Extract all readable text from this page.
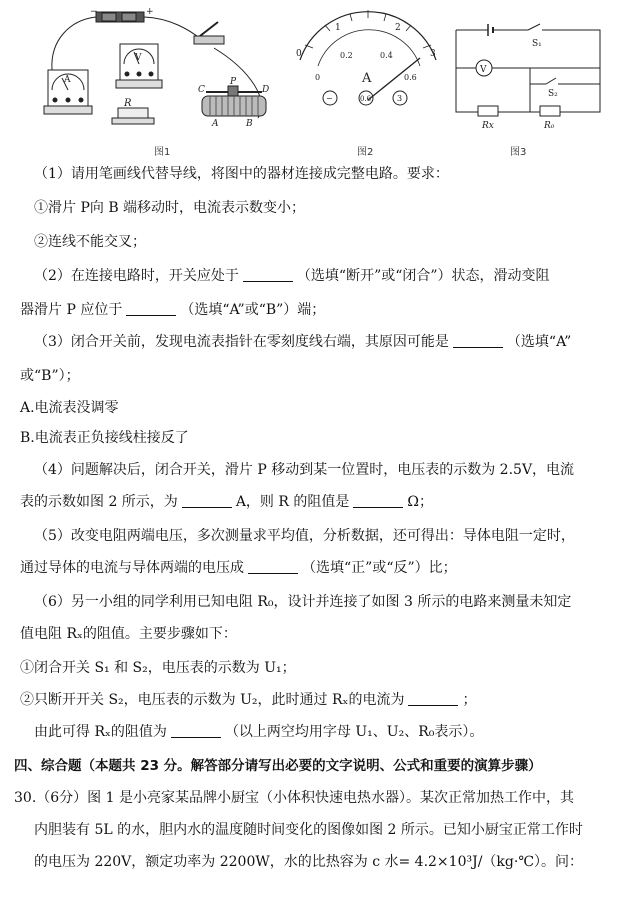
−	+
A
V
R
C
P
D
A	B
0
1	2
3
0
0.2	0.4
0.6
A
−	0.6	3
V
S₁
S₂
Rx	R₀
图1	图2	图3
（1）请用笔画线代替导线，将图中的器材连接成完整电路。要求：
①滑片 P向 B 端移动时，电流表示数变小；
②连线不能交叉；
（2）在连接电路时，开关应处于	（选填“断开”或“闭合”）状态，滑动变阻
器滑片 P 应位于	（选填“A”或“B”）端；
（3）闭合开关前，发现电流表指针在零刻度线右端，其原因可能是	（选填“A”
或“B”）；
A.电流表没调零
B.电流表正负接线柱接反了
（4）问题解决后，闭合开关，滑片 P 移动到某一位置时，电压表的示数为 2.5V，电流
表的示数如图 2 所示，为	A，则 R 的阻值是	Ω；
（5）改变电阻两端电压，多次测量求平均值，分析数据，还可得出：导体电阻一定时，
通过导体的电流与导体两端的电压成	（选填“正”或“反”）比；
（6）另一小组的同学利用已知电阻 R₀，设计并连接了如图 3 所示的电路来测量未知定
值电阻 Rₓ的阻值。主要步骤如下：
①闭合开关 S₁ 和 S₂，电压表的示数为 U₁；
②只断开开关 S₂，电压表的示数为 U₂，此时通过 Rₓ的电流为	；
由此可得 Rₓ的阻值为	（以上两空均用字母 U₁、U₂、R₀表示）。
四、综合题（本题共 23 分。解答部分请写出必要的文字说明、公式和重要的演算步骤）
30.（6分）图 1 是小亮家某品牌小厨宝（小体积快速电热水器）。某次正常加热工作中，其
内胆装有 5L 的水，胆内水的温度随时间变化的图像如图 2 所示。已知小厨宝正常工作时
的电压为 220V，额定功率为 2200W，水的比热容为 c 水= 4.2×10³J/（kg·℃）。问：
